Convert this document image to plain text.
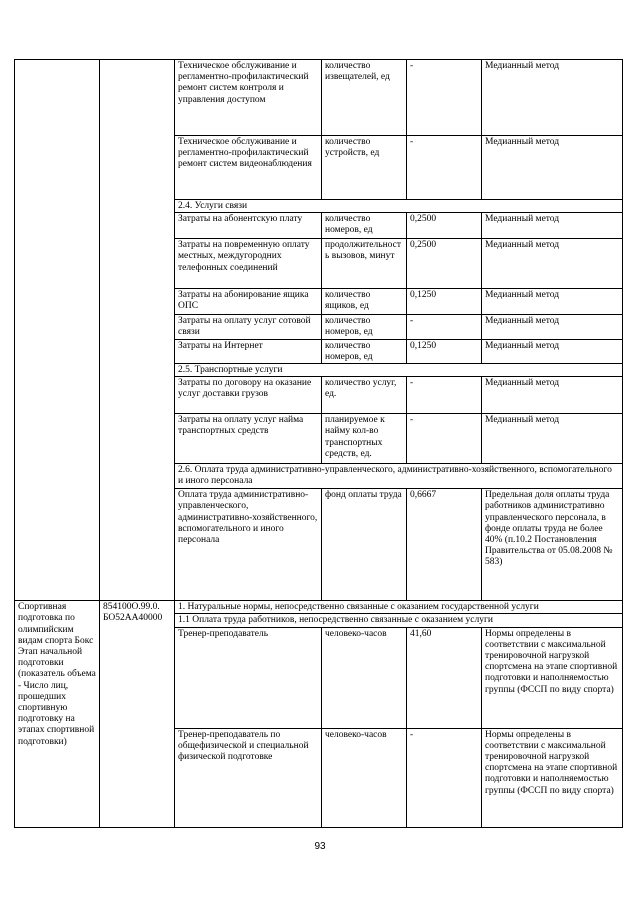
		Техническое обслуживание и регламентно-профилактический ремонт систем контроля и управления доступом	количество извещателей, ед	-	Медианный метод
		Техническое обслуживание и регламентно-профилактический ремонт систем видеонаблюдения	количество устройств, ед	-	Медианный метод
		2.4. Услуги связи			
		Затраты на абонентскую плату	количество номеров, ед	0,2500	Медианный метод
		Затраты на повременную оплату местных, междугородних телефонных соединений	продолжительность вызовов, минут	0,2500	Медианный метод
		Затраты на абонирование ящика ОПС	количество ящиков, ед	0,1250	Медианный метод
		Затраты на оплату услуг сотовой связи	количество номеров, ед	-	Медианный метод
		Затраты на Интернет	количество номеров, ед	0,1250	Медианный метод
		2.5. Транспортные услуги			
		Затраты по договору на оказание услуг доставки грузов	количество услуг, ед.	-	Медианный метод
		Затраты на оплату услуг найма транспортных средств	планируемое к найму кол-во транспортных средств, ед.	-	Медианный метод
		2.6. Оплата труда административно-управленческого, административно-хозяйственного, вспомогательного и иного персонала			
		Оплата труда административно-управленческого, административно-хозяйственного, вспомогательного и иного персонала	фонд оплаты труда	0,6667	Предельная доля оплаты труда работников административно управленческого персонала, в фонде оплаты труда не более 40% (п.10.2 Постановления Правительства от 05.08.2008 № 583)
Спортивная подготовка по олимпийским видам спорта Бокс Этап начальной подготовки (показатель объема - Число лиц, прошедших спортивную подготовку на этапах спортивной подготовки)	854100О.99.0. БО52АА40000	1. Натуральные нормы, непосредственно связанные с оказанием государственной услуги			
		1.1 Оплата труда работников, непосредственно связанные с оказанием услуги			
		Тренер-преподаватель	человеко-часов	41,60	Нормы определены в соответствии с максимальной тренировочной нагрузкой спортсмена на этапе спортивной подготовки и наполняемостью группы (ФССП по виду спорта)
		Тренер-преподаватель по общефизической и специальной физической подготовке	человеко-часов	-	Нормы определены в соответствии с максимальной тренировочной нагрузкой спортсмена на этапе спортивной подготовки и наполняемостью группы (ФССП по виду спорта)
93
